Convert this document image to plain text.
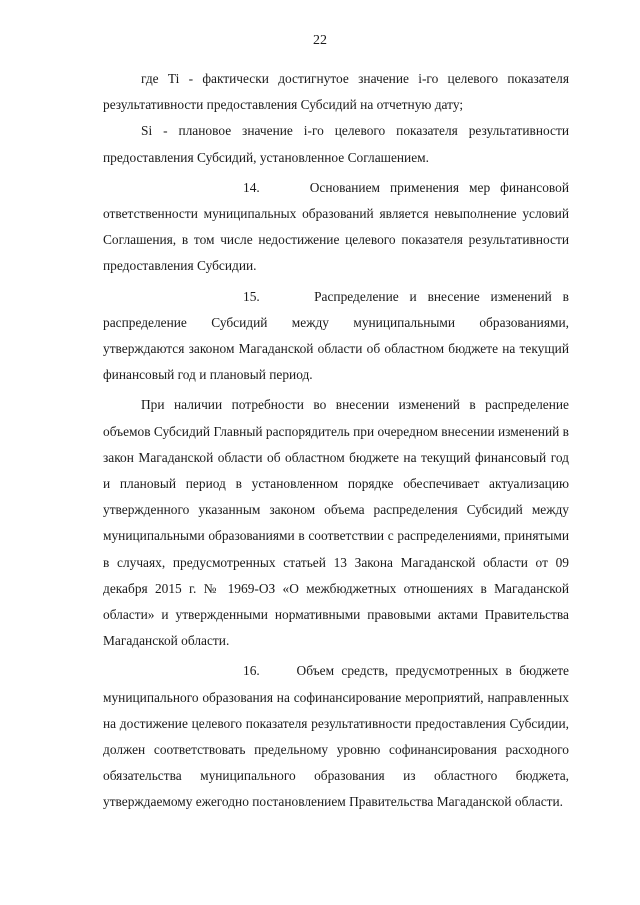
22

где Ti - фактически достигнутое значение i-го целевого показателя результативности предоставления Субсидий на отчетную дату;

Si - плановое значение i-го целевого показателя результативности предоставления Субсидий, установленное Соглашением.

14.	Основанием применения мер финансовой ответственности муниципальных образований является невыполнение условий Соглашения, в том числе недостижение целевого показателя результативности предоставления Субсидии.

15.	Распределение и внесение изменений в распределение Субсидий между муниципальными образованиями, утверждаются законом Магаданской области об областном бюджете на текущий финансовый год и плановый период.

При наличии потребности во внесении изменений в распределение объемов Субсидий Главный распорядитель при очередном внесении изменений в закон Магаданской области об областном бюджете на текущий финансовый год и плановый период в установленном порядке обеспечивает актуализацию утвержденного указанным законом объема распределения Субсидий между муниципальными образованиями в соответствии с распределениями, принятыми в случаях, предусмотренных статьей 13 Закона Магаданской области от 09 декабря 2015 г. № 1969-ОЗ «О межбюджетных отношениях в Магаданской области» и утвержденными нормативными правовыми актами Правительства Магаданской области.

16.	Объем средств, предусмотренных в бюджете муниципального образования на софинансирование мероприятий, направленных на достижение целевого показателя результативности предоставления Субсидии, должен соответствовать предельному уровню софинансирования расходного обязательства муниципального образования из областного бюджета, утверждаемому ежегодно постановлением Правительства Магаданской области.
